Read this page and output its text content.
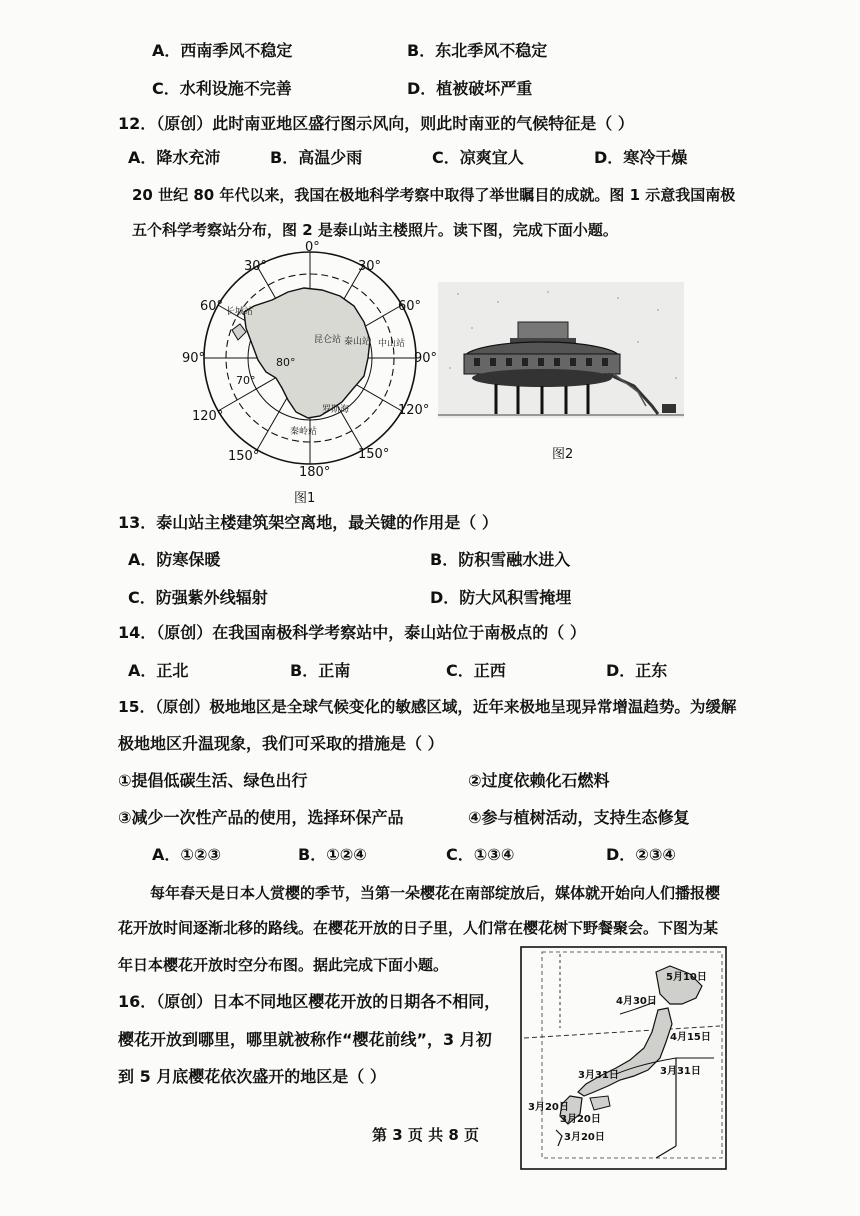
A．西南季风不稳定	B．东北季风不稳定
C．水利设施不完善	D．植被破坏严重
12．（原创）此时南亚地区盛行图示风向，则此时南亚的气候特征是（ ）
A．降水充沛	B．高温少雨	C．凉爽宜人	D．寒冷干燥
20 世纪 80 年代以来，我国在极地科学考察中取得了举世瞩目的成就。图 1 示意我国南极
五个科学考察站分布，图 2 是泰山站主楼照片。读下图，完成下面小题。
0°
30°	30°
60°	60°
90°	90°
120°	120°
150°	150°
180°
80°
70°
长城站
昆仑站	中山站
泰山站
罗斯海
秦岭站
图1
图2
13．泰山站主楼建筑架空离地，最关键的作用是（ ）
A．防寒保暖	B．防积雪融水进入
C．防强紫外线辐射	D．防大风积雪掩埋
14．（原创）在我国南极科学考察站中，泰山站位于南极点的（ ）
A．正北	B．正南	C．正西	D．正东
15．（原创）极地地区是全球气候变化的敏感区域，近年来极地呈现异常增温趋势。为缓解
极地地区升温现象，我们可采取的措施是（ ）
①提倡低碳生活、绿色出行	②过度依赖化石燃料
③减少一次性产品的使用，选择环保产品	④参与植树活动，支持生态修复
A．①②③	B．①②④	C．①③④	D．②③④
每年春天是日本人赏樱的季节，当第一朵樱花在南部绽放后，媒体就开始向人们播报樱
花开放时间逐渐北移的路线。在樱花开放的日子里，人们常在樱花树下野餐聚会。下图为某
年日本樱花开放时空分布图。据此完成下面小题。
16．（原创）日本不同地区樱花开放的日期各不相同，
樱花开放到哪里，哪里就被称作“樱花前线”，3 月初
到 5 月底樱花依次盛开的地区是（ ）
5月10日
4月30日
4月15日
3月31日	3月31日
3月20日
3月20日
3月20日
第 3 页 共 8 页
